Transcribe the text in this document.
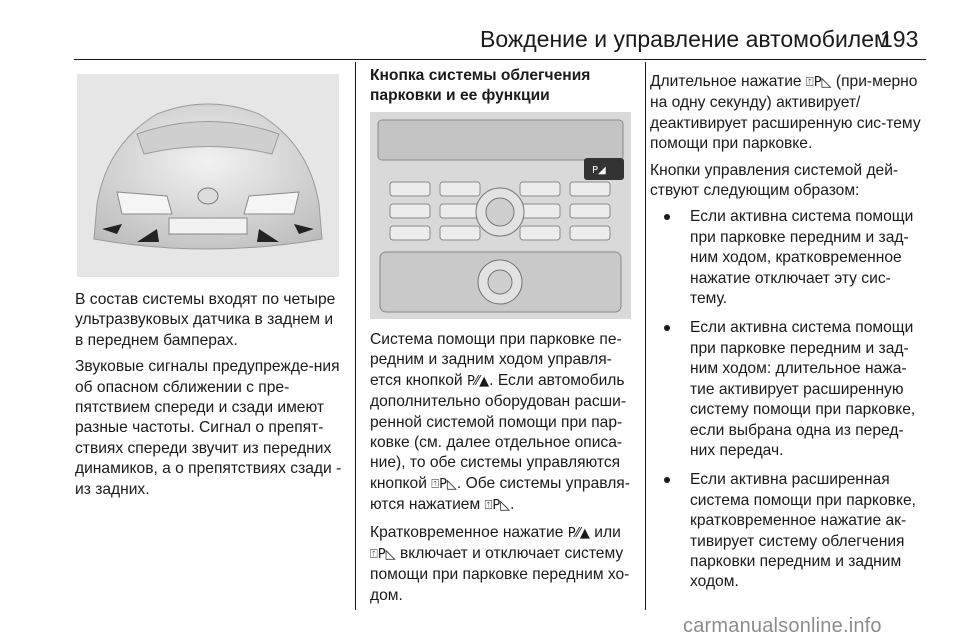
Вождение и управление автомобилем
193

В состав системы входят по четыре ультразвуковых датчика в заднем и в переднем бамперах.

Звуковые сигналы предупрежде-ния об опасном сближении с пре-пятствием спереди и сзади имеют разные частоты. Сигнал о препят-ствиях спереди звучит из передних динамиков, а о препятствиях сзади - из задних.

Кнопка системы облегчения парковки и ее функции
P◢

Система помощи при парковке пе-редним и задним ходом управля-ется кнопкой P⁄⁄▲. Если автомобиль дополнительно оборудован расши-ренной системой помощи при пар-ковке (см. далее отдельное описа-ние), то обе системы управляются кнопкой ⍐P◺. Обе системы управля-ются нажатием ⍐P◺.

Кратковременное нажатие P⁄⁄▲ или ⍐P◺ включает и отключает систему помощи при парковке передним хо-дом.

Длительное нажатие ⍐P◺ (при-мерно на одну секунду) активирует/ деактивирует расширенную сис-тему помощи при парковке.

Кнопки управления системой дей-ствуют следующим образом:

Если активна система помощи при парковке передним и зад-ним ходом, кратковременное нажатие отключает эту сис-тему.
Если активна система помощи при парковке передним и зад-ним ходом: длительное нажа-тие активирует расширенную систему помощи при парковке, если выбрана одна из перед-них передач.
Если активна расширенная система помощи при парковке, кратковременное нажатие ак-тивирует систему облегчения парковки передним и задним ходом.
carmanualsonline.info
